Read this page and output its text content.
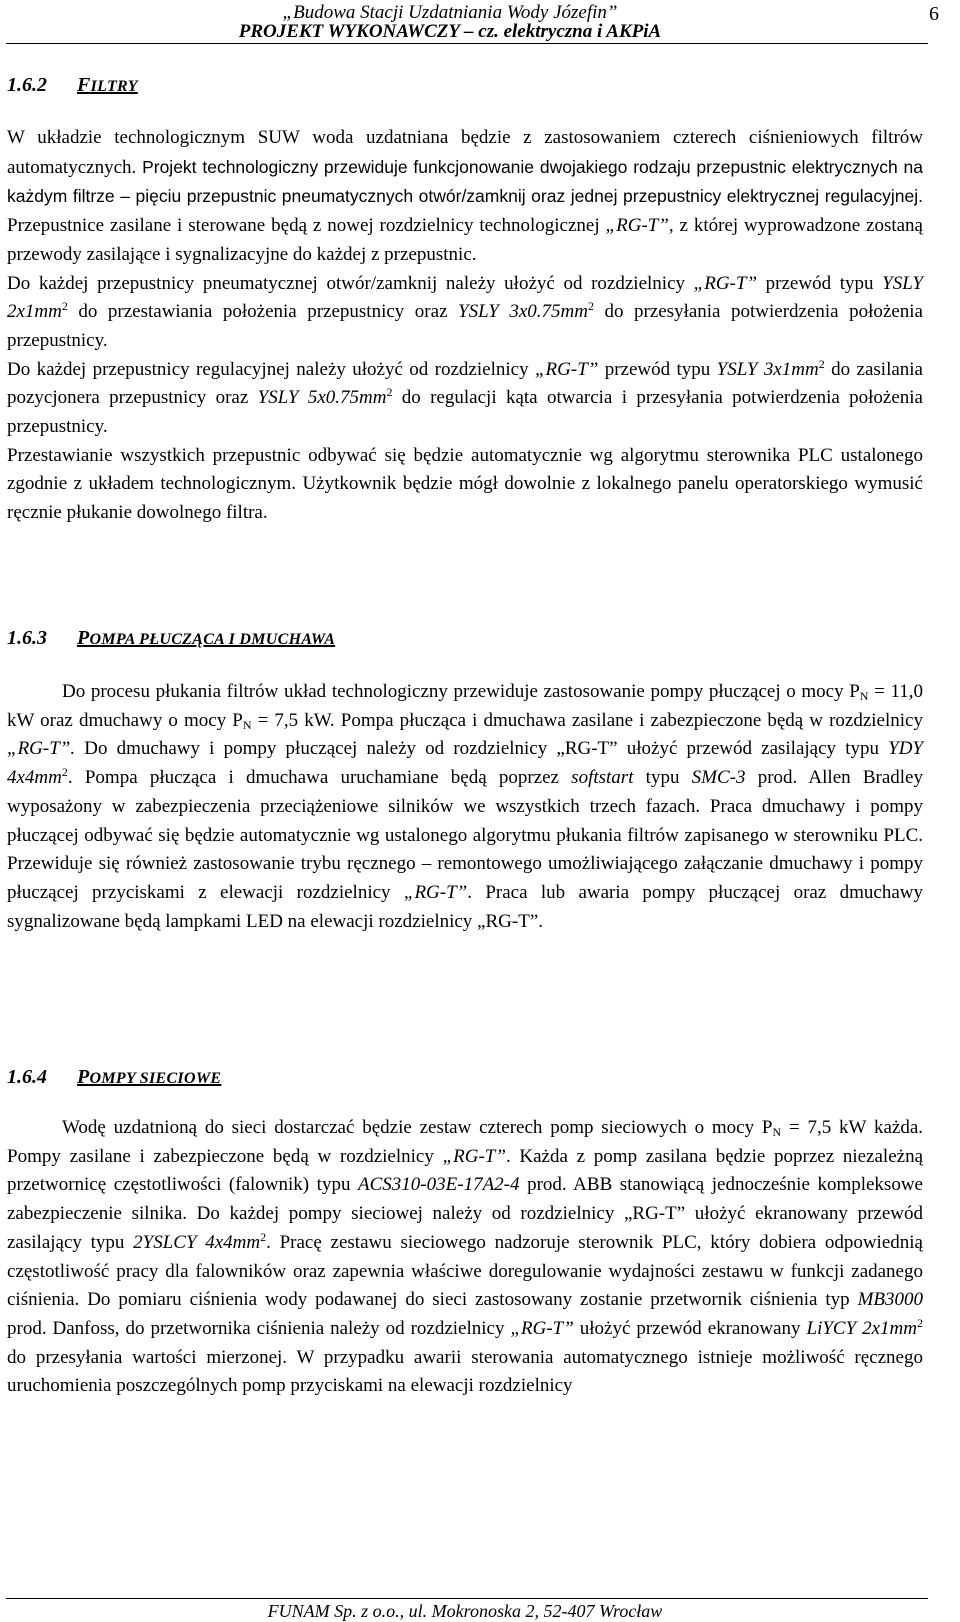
„Budowa Stacji Uzdatniania Wody Józefin”
PROJEKT WYKONAWCZY – cz. elektryczna i AKPiA
6
1.6.2 FILTRY

W układzie technologicznym SUW woda uzdatniana będzie z zastosowaniem czterech ciśnieniowych filtrów automatycznych. Projekt technologiczny przewiduje funkcjonowanie dwojakiego rodzaju przepustnic elektrycznych na każdym filtrze – pięciu przepustnic pneumatycznych otwór/zamknij oraz jednej przepustnicy elektrycznej regulacyjnej. Przepustnice zasilane i sterowane będą z nowej rozdzielnicy technologicznej „RG-T”, z której wyprowadzone zostaną przewody zasilające i sygnalizacyjne do każdej z przepustnic.

Do każdej przepustnicy pneumatycznej otwór/zamknij należy ułożyć od rozdzielnicy „RG-T” przewód typu YSLY $2x1mm^2$ do przestawiania położenia przepustnicy oraz YSLY $3x0.75mm^2$ do przesyłania potwierdzenia położenia przepustnicy.

Do każdej przepustnicy regulacyjnej należy ułożyć od rozdzielnicy „RG-T” przewód typu YSLY $3x1mm^2$ do zasilania pozycjonera przepustnicy oraz YSLY $5x0.75mm^2$ do regulacji kąta otwarcia i przesyłania potwierdzenia położenia przepustnicy.

Przestawianie wszystkich przepustnic odbywać się będzie automatycznie wg algorytmu sterownika PLC ustalonego zgodnie z układem technologicznym. Użytkownik będzie mógł dowolnie z lokalnego panelu operatorskiego wymusić ręcznie płukanie dowolnego filtra.

1.6.3 POMPA PŁUCZĄCA I DMUCHAWA

Do procesu płukania filtrów układ technologiczny przewiduje zastosowanie pompy płuczącej o mocy $P_N = 11,0$ kW oraz dmuchawy o mocy $P_N = 7,5$ kW. Pompa płucząca i dmuchawa zasilane i zabezpieczone będą w rozdzielnicy „RG-T”. Do dmuchawy i pompy płuczącej należy od rozdzielnicy „RG-T” ułożyć przewód zasilający typu YDY $4x4mm^2$. Pompa płucząca i dmuchawa uruchamiane będą poprzez softstart typu SMC-3 prod. Allen Bradley wyposażony w zabezpieczenia przeciążeniowe silników we wszystkich trzech fazach. Praca dmuchawy i pompy płuczącej odbywać się będzie automatycznie wg ustalonego algorytmu płukania filtrów zapisanego w sterowniku PLC. Przewiduje się również zastosowanie trybu ręcznego – remontowego umożliwiającego załączanie dmuchawy i pompy płuczącej przyciskami z elewacji rozdzielnicy „RG-T”. Praca lub awaria pompy płuczącej oraz dmuchawy sygnalizowane będą lampkami LED na elewacji rozdzielnicy „RG-T”.

1.6.4 POMPY SIECIOWE

Wodę uzdatnioną do sieci dostarczać będzie zestaw czterech pomp sieciowych o mocy $P_N = 7,5$ kW każda. Pompy zasilane i zabezpieczone będą w rozdzielnicy „RG-T”. Każda z pomp zasilana będzie poprzez niezależną przetwornicę częstotliwości (falownik) typu ACS310-03E-17A2-4 prod. ABB stanowiącą jednocześnie kompleksowe zabezpieczenie silnika. Do każdej pompy sieciowej należy od rozdzielnicy „RG-T” ułożyć ekranowany przewód zasilający typu 2YSLCY $4x4mm^2$. Pracę zestawu sieciowego nadzoruje sterownik PLC, który dobiera odpowiednią częstotliwość pracy dla falowników oraz zapewnia właściwe doregulowanie wydajności zestawu w funkcji zadanego ciśnienia. Do pomiaru ciśnienia wody podawanej do sieci zastosowany zostanie przetwornik ciśnienia typ MB3000 prod. Danfoss, do przetwornika ciśnienia należy od rozdzielnicy „RG-T” ułożyć przewód ekranowany LiYCY $2x1mm^2$ do przesyłania wartości mierzonej. W przypadku awarii sterowania automatycznego istnieje możliwość ręcznego uruchomienia poszczególnych pomp przyciskami na elewacji rozdzielnicy

FUNAM Sp. z o.o., ul. Mokronoska 2, 52-407 Wrocław
